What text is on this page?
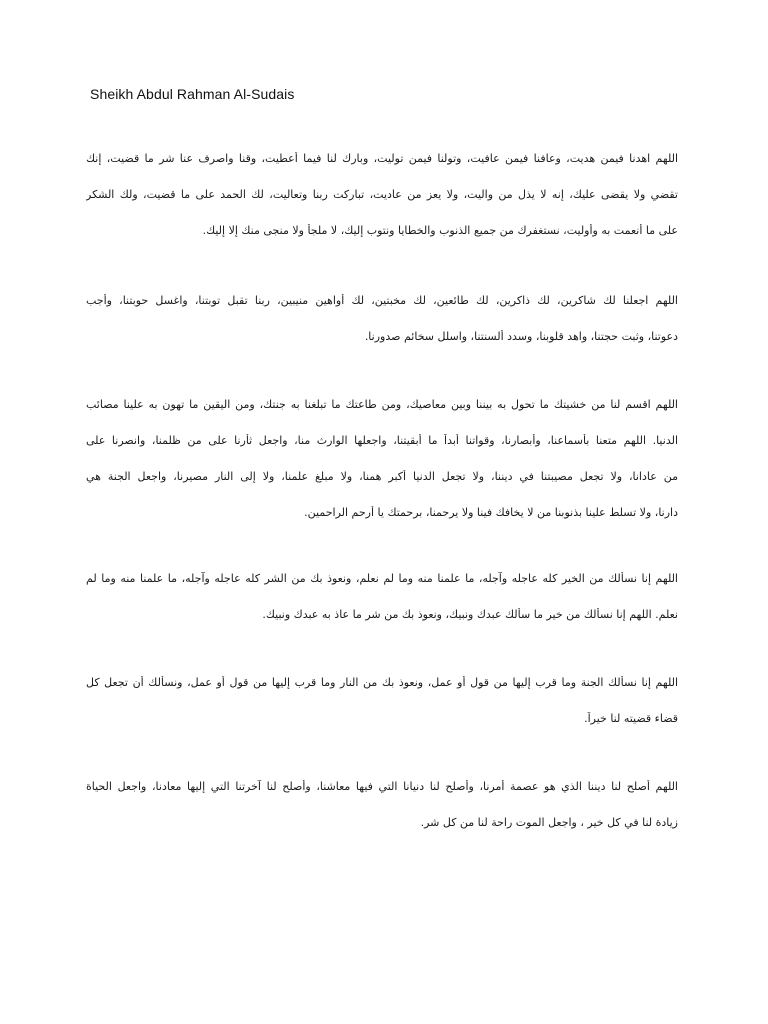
Sheikh Abdul Rahman Al-Sudais
اللهم اهدنا فيمن هديت، وعافنا فيمن عافيت، وتولنا فيمن توليت، وبارك لنا فيما أعطيت، وقنا واصرف عنا شر ما قضيت، إنك
تقضي ولا يقضى عليك، إنه لا يذل من واليت، ولا يعز من عاديت، تباركت ربنا وتعاليت، لك الحمد على ما قضيت، ولك الشكر
على ما أنعمت به وأوليت، نستغفرك من جميع الذنوب والخطايا ونتوب إليك، لا ملجأ ولا منجى منك إلا إليك.
اللهم اجعلنا لك شاكرين، لك ذاكرين، لك طائعين، لك مخبتين، لك أواهين منيبين، ربنا تقبل توبتنا، واغسل حوبتنا، وأجب
دعوتنا، وثبت حجتنا، واهد قلوبنا، وسدد ألسنتنا، واسلل سخائم صدورنا.
اللهم اقسم لنا من خشيتك ما تحول به بيننا وبين معاصيك، ومن طاعتك ما تبلغنا به جنتك، ومن اليقين ما تهون به علينا مصائب
الدنيا. اللهم متعنا بأسماعنا، وأبصارنا، وقواتنا أبداً ما أبقيتنا، واجعلها الوارث منا، واجعل ثأرنا على من ظلمنا، وانصرنا على
من عادانا، ولا تجعل مصيبتنا في ديننا، ولا تجعل الدنيا أكبر همنا، ولا مبلغ علمنا، ولا إلى النار مصيرنا، واجعل الجنة هي
دارنا، ولا تسلط علينا بذنوبنا من لا يخافك فينا ولا يرحمنا، برحمتك يا أرحم الراحمين.
اللهم إنا نسألك من الخير كله عاجله وآجله، ما علمنا منه وما لم نعلم، ونعوذ بك من الشر كله عاجله وآجله، ما علمنا منه وما لم
نعلم. اللهم إنا نسألك من خير ما سألك عبدك ونبيك، ونعوذ بك من شر ما عاذ به عبدك ونبيك.
اللهم إنا نسألك الجنة وما قرب إليها من قول أو عمل، ونعوذ بك من النار وما قرب إليها من قول أو عمل، ونسألك أن تجعل كل
قضاء قضيته لنا خيراً.
اللهم أصلح لنا ديننا الذي هو عصمة أمرنا، وأصلح لنا دنيانا التي فيها معاشنا، وأصلح لنا آخرتنا التي إليها معادنا، واجعل الحياة
زيادة لنا في كل خير ، واجعل الموت راحة لنا من كل شر.
